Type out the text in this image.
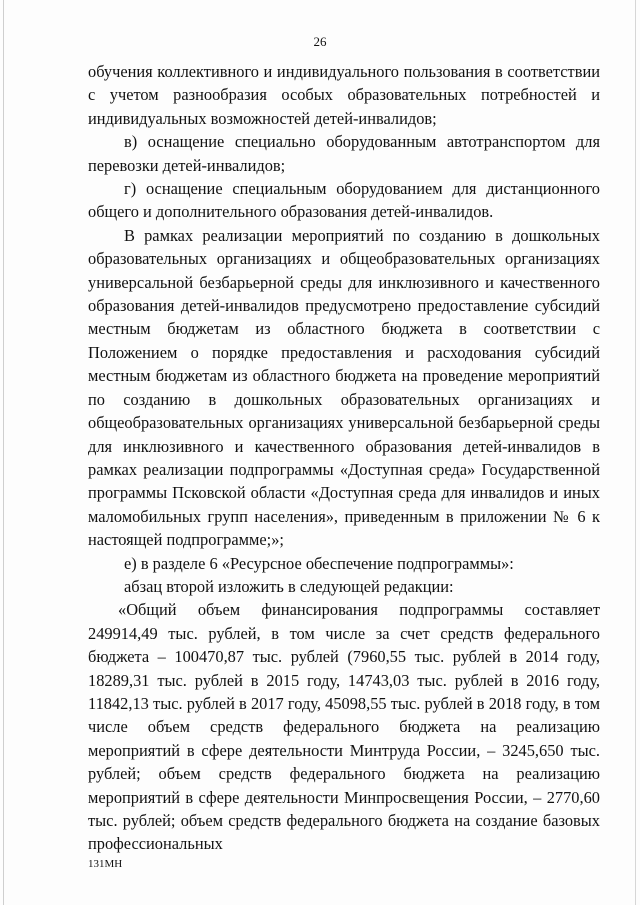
26

обучения коллективного и индивидуального пользования в соответствии с учетом разнообразия особых образовательных потребностей и индивидуальных возможностей детей-инвалидов;

в) оснащение специально оборудованным автотранспортом для перевозки детей-инвалидов;

г) оснащение специальным оборудованием для дистанционного общего и дополнительного образования детей-инвалидов.

В рамках реализации мероприятий по созданию в дошкольных образовательных организациях и общеобразовательных организациях универсальной безбарьерной среды для инклюзивного и качественного образования детей-инвалидов предусмотрено предоставление субсидий местным бюджетам из областного бюджета в соответствии с Положением о порядке предоставления и расходования субсидий местным бюджетам из областного бюджета на проведение мероприятий по созданию в дошкольных образовательных организациях и общеобразовательных организациях универсальной безбарьерной среды для инклюзивного и качественного образования детей-инвалидов в рамках реализации подпрограммы «Доступная среда» Государственной программы Псковской области «Доступная среда для инвалидов и иных маломобильных групп населения», приведенным в приложении № 6 к настоящей подпрограмме;»;

е) в разделе 6 «Ресурсное обеспечение подпрограммы»:

абзац второй изложить в следующей редакции:

«Общий объем финансирования подпрограммы составляет 249914,49 тыс. рублей, в том числе за счет средств федерального бюджета – 100470,87 тыс. рублей (7960,55 тыс. рублей в 2014 году, 18289,31 тыс. рублей в 2015 году, 14743,03 тыс. рублей в 2016 году, 11842,13 тыс. рублей в 2017 году, 45098,55 тыс. рублей в 2018 году, в том числе объем средств федерального бюджета на реализацию мероприятий в сфере деятельности Минтруда России, – 3245,650 тыс. рублей; объем средств федерального бюджета на реализацию мероприятий в сфере деятельности Минпросвещения России, – 2770,60 тыс. рублей; объем средств федерального бюджета на создание базовых профессиональных

131МН
